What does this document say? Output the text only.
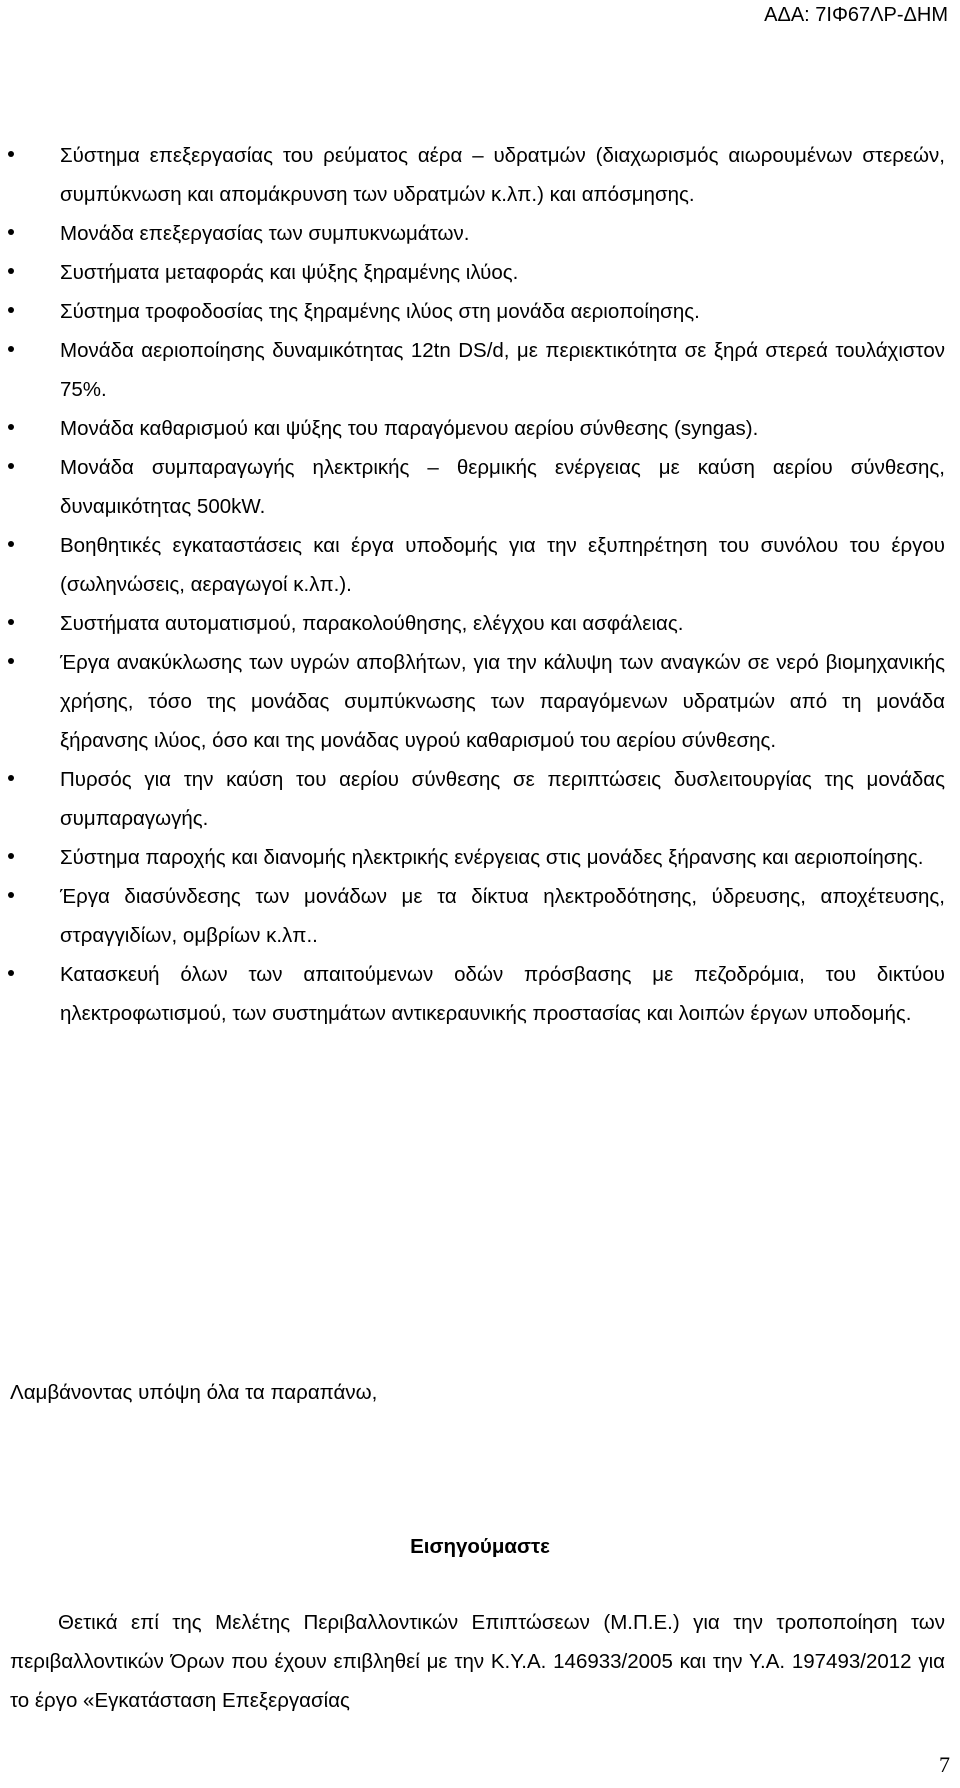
ΑΔΑ: 7ΙΦ67ΛΡ-ΔΗΜ
Σύστημα επεξεργασίας του ρεύματος αέρα – υδρατμών (διαχωρισμός αιωρουμένων στερεών, συμπύκνωση και απομάκρυνση των υδρατμών κ.λπ.) και απόσμησης.
Μονάδα επεξεργασίας των συμπυκνωμάτων.
Συστήματα μεταφοράς και ψύξης ξηραμένης ιλύος.
Σύστημα τροφοδοσίας της ξηραμένης ιλύος στη μονάδα αεριοποίησης.
Μονάδα αεριοποίησης δυναμικότητας 12tn DS/d, με περιεκτικότητα σε ξηρά στερεά τουλάχιστον 75%.
Μονάδα καθαρισμού και ψύξης του παραγόμενου αερίου σύνθεσης (syngas).
Μονάδα συμπαραγωγής ηλεκτρικής – θερμικής ενέργειας με καύση αερίου σύνθεσης, δυναμικότητας 500kW.
Βοηθητικές εγκαταστάσεις και έργα υποδομής για την εξυπηρέτηση του συνόλου του έργου (σωληνώσεις, αεραγωγοί κ.λπ.).
Συστήματα αυτοματισμού, παρακολούθησης, ελέγχου και ασφάλειας.
Έργα ανακύκλωσης των υγρών αποβλήτων, για την κάλυψη των αναγκών σε νερό βιομηχανικής χρήσης, τόσο της μονάδας συμπύκνωσης των παραγόμενων υδρατμών από τη μονάδα ξήρανσης ιλύος, όσο και της μονάδας υγρού καθαρισμού του αερίου σύνθεσης.
Πυρσός για την καύση του αερίου σύνθεσης σε περιπτώσεις δυσλειτουργίας της μονάδας συμπαραγωγής.
Σύστημα παροχής και διανομής ηλεκτρικής ενέργειας στις μονάδες ξήρανσης και αεριοποίησης.
Έργα διασύνδεσης των μονάδων με τα δίκτυα ηλεκτροδότησης, ύδρευσης, αποχέτευσης, στραγγιδίων, ομβρίων κ.λπ..
Κατασκευή όλων των απαιτούμενων οδών πρόσβασης με πεζοδρόμια, του δικτύου ηλεκτροφωτισμού, των συστημάτων αντικεραυνικής προστασίας και λοιπών έργων υποδομής.

Λαμβάνοντας υπόψη όλα τα παραπάνω,

Εισηγούμαστε

Θετικά επί της Μελέτης Περιβαλλοντικών Επιπτώσεων (Μ.Π.Ε.) για την τροποποίηση των περιβαλλοντικών Όρων που έχουν επιβληθεί με την Κ.Υ.Α. 146933/2005 και την Υ.Α. 197493/2012 για το έργο «Εγκατάσταση Επεξεργασίας

7
